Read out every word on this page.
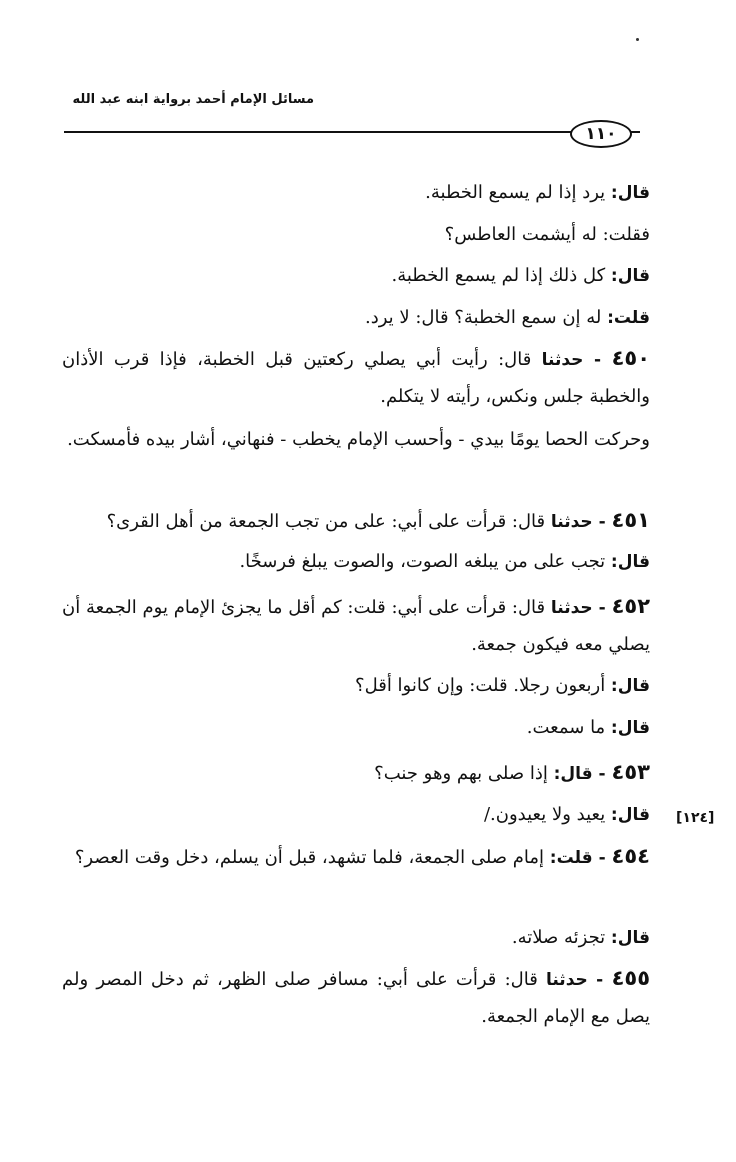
مسائل الإمام أحمد برواية ابنه عبد الله
١١٠
[١٢٤]
قال: يرد إذا لم يسمع الخطبة.
فقلت: له أيشمت العاطس؟
قال: كل ذلك إذا لم يسمع الخطبة.
قلت: له إن سمع الخطبة؟ قال: لا يرد.
٤٥٠ - حدثنا قال: رأيت أبي يصلي ركعتين قبل الخطبة، فإذا قرب الأذان والخطبة جلس ونكس، رأيته لا يتكلم.
وحركت الحصا يومًا بيدي - وأحسب الإمام يخطب - فنهاني، أشار بيده فأمسكت.
٤٥١ - حدثنا قال: قرأت على أبي: على من تجب الجمعة من أهل القرى؟
قال: تجب على من يبلغه الصوت، والصوت يبلغ فرسخًا.
٤٥٢ - حدثنا قال: قرأت على أبي: قلت: كم أقل ما يجزئ الإمام يوم الجمعة أن يصلي معه فيكون جمعة.
قال: أربعون رجلا. قلت: وإن كانوا أقل؟
قال: ما سمعت.
٤٥٣ - قال: إذا صلى بهم وهو جنب؟
قال: يعيد ولا يعيدون./
٤٥٤ - قلت: إمام صلى الجمعة، فلما تشهد، قبل أن يسلم، دخل وقت العصر؟
قال: تجزئه صلاته.
٤٥٥ - حدثنا قال: قرأت على أبي: مسافر صلى الظهر، ثم دخل المصر ولم يصل مع الإمام الجمعة.
